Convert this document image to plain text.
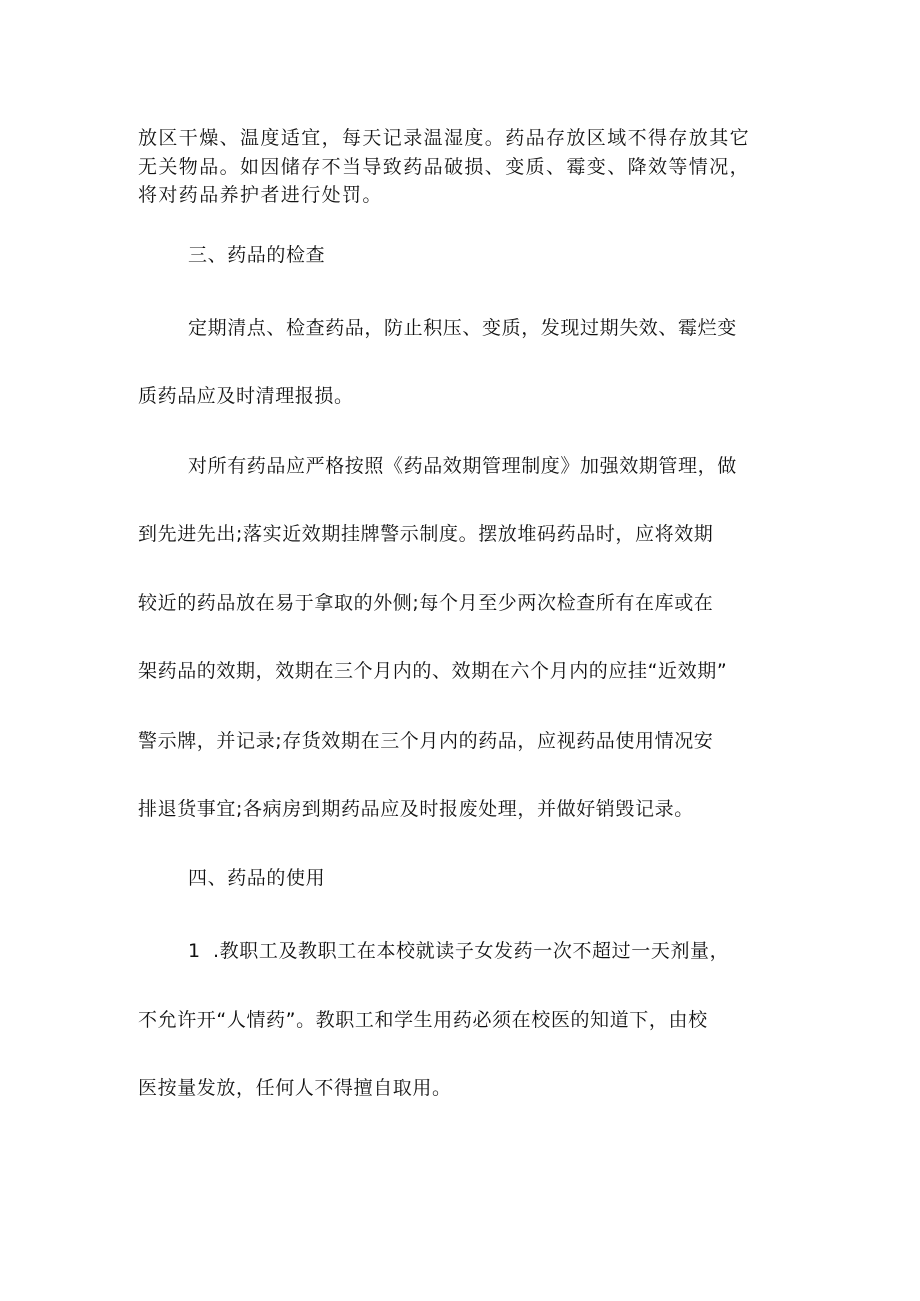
放区干燥、温度适宜，每天记录温湿度。药品存放区域不得存放其它
无关物品。如因储存不当导致药品破损、变质、霉变、降效等情况，
将对药品养护者进行处罚。
三、药品的检查
定期清点、检查药品，防止积压、变质，发现过期失效、霉烂变
质药品应及时清理报损。
对所有药品应严格按照《药品效期管理制度》加强效期管理，做
到先进先出;落实近效期挂牌警示制度。摆放堆码药品时，应将效期
较近的药品放在易于拿取的外侧;每个月至少两次检查所有在库或在
架药品的效期，效期在三个月内的、效期在六个月内的应挂“近效期”
警示牌，并记录;存货效期在三个月内的药品，应视药品使用情况安
排退货事宜;各病房到期药品应及时报废处理，并做好销毁记录。
四、药品的使用
1 .教职工及教职工在本校就读子女发药一次不超过一天剂量，
不允许开“人情药”。教职工和学生用药必须在校医的知道下，由校
医按量发放，任何人不得擅自取用。
